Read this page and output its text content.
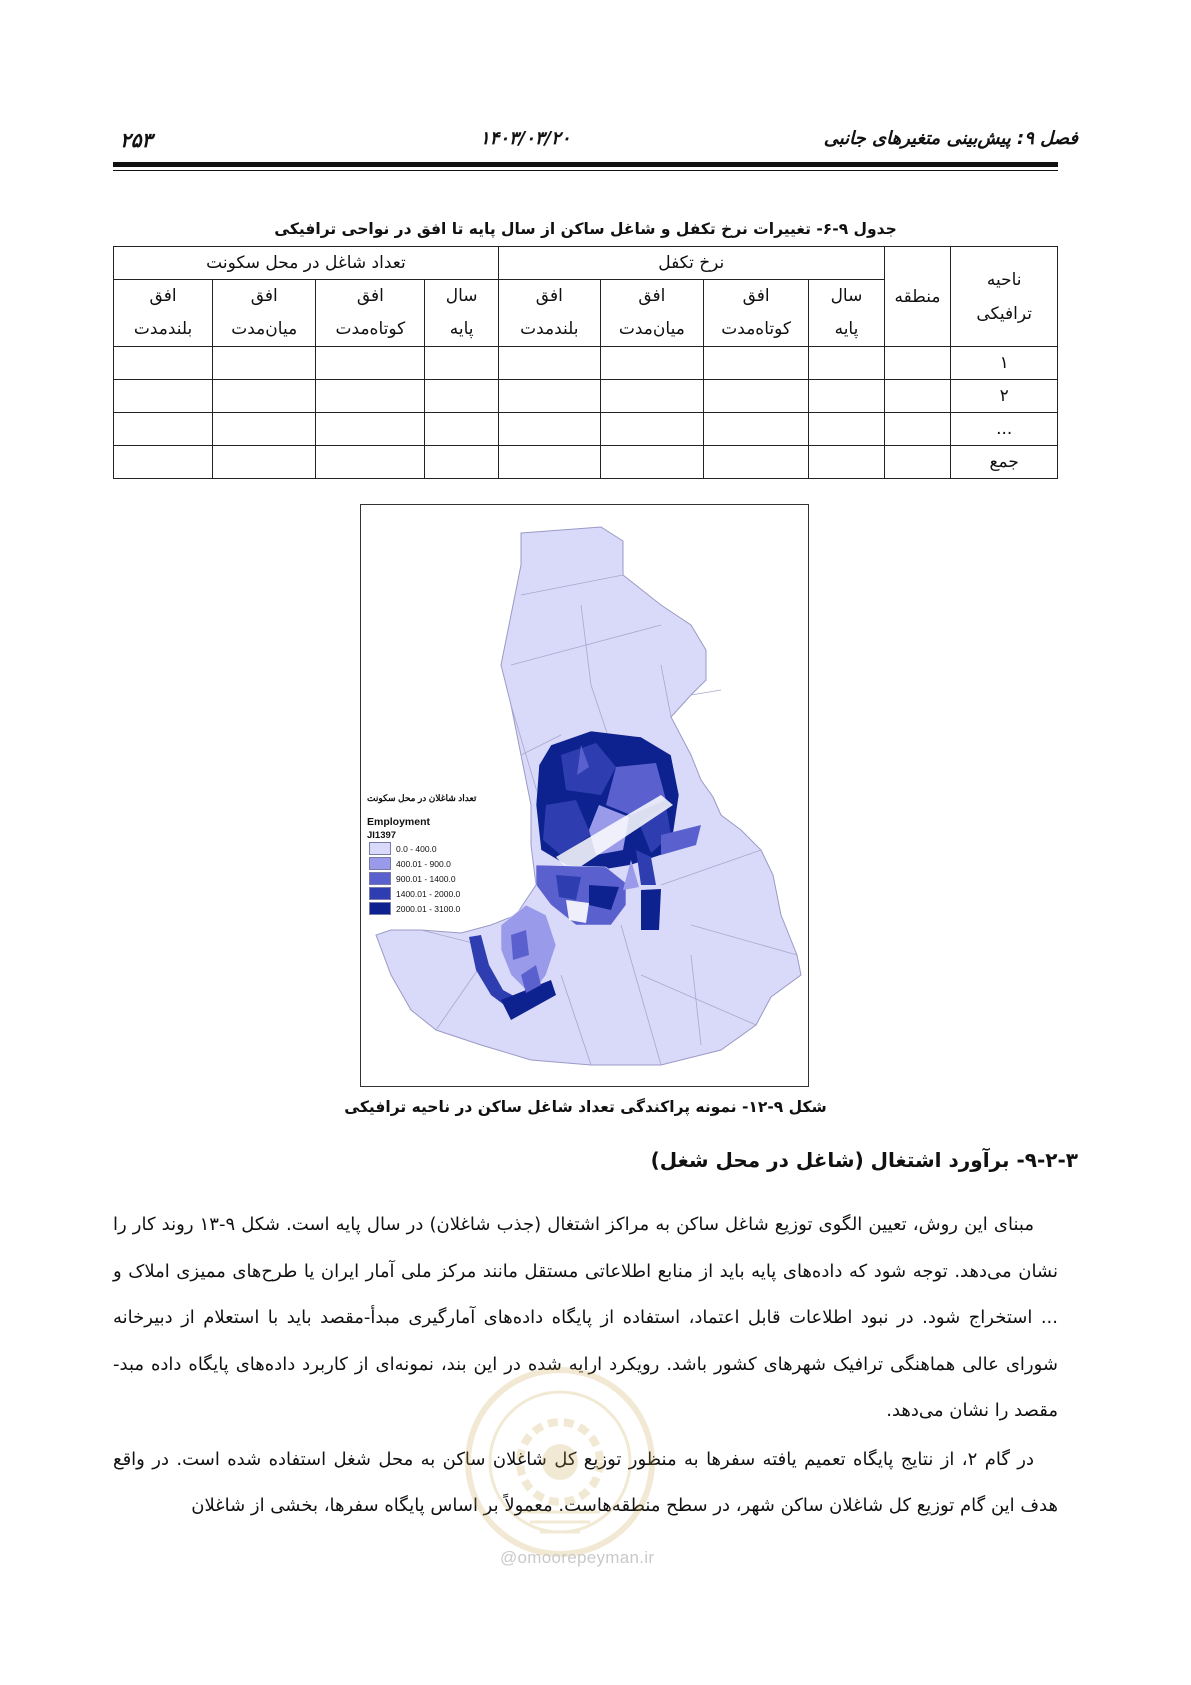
فصل ۹: پیش‌بینی متغیرهای جانبی
۱۴۰۳/۰۳/۲۰
۲۵۳
جدول ۹-۶- تغییرات نرخ تکفل و شاغل ساکن از سال پایه تا افق در نواحی ترافیکی
ناحیه ترافیکی	منطقه	نرخ تکفل				تعداد شاغل در محل سکونت			
		سال پایه	افق کوتاه‌مدت	افق میان‌مدت	افق بلندمدت	سال پایه	افق کوتاه‌مدت	افق میان‌مدت	افق بلندمدت
۱									
۲									
...									
جمع									
تعداد شاغلان در محل سکونت
Employment
JI1397
0.0 - 400.0
400.01 - 900.0
900.01 - 1400.0
1400.01 - 2000.0
2000.01 - 3100.0
شکل ۹-۱۲- نمونه پراکندگی تعداد شاغل ساکن در ناحیه ترافیکی
۹-۲-۳- برآورد اشتغال (شاغل در محل شغل)

مبنای این روش، تعیین الگوی توزیع شاغل ساکن به مراکز اشتغال (جذب شاغلان) در سال پایه است. شکل ۹-۱۳ روند کار را نشان می‌دهد. توجه شود که داده‌های پایه باید از منابع اطلاعاتی مستقل مانند مرکز ملی آمار ایران یا طرح‌های ممیزی املاک و ... استخراج شود. در نبود اطلاعات قابل اعتماد، استفاده از پایگاه داده‌های آمارگیری مبدأ-مقصد باید با استعلام از دبیرخانه شورای عالی هماهنگی ترافیک شهرهای کشور باشد. رویکرد ارایه شده در این بند، نمونه‌ای از کاربرد داده‌های پایگاه داده مبد-مقصد را نشان می‌دهد.

در گام ۲، از نتایج پایگاه تعمیم یافته سفرها به منظور توزیع کل شاغلان ساکن به محل شغل استفاده شده است. در واقع هدف این گام توزیع کل شاغلان ساکن شهر، در سطح منطقه‌هاست. معمولاً بر اساس پایگاه سفرها، بخشی از شاغلان

@omoorepeyman.ir
